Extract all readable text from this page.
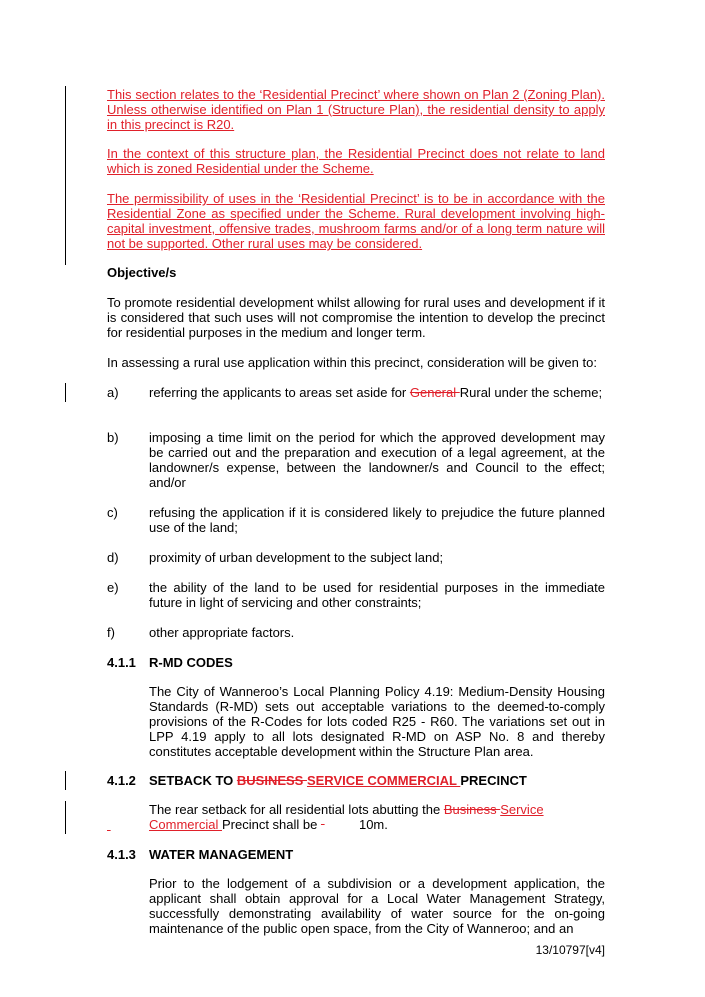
This section relates to the ‘Residential Precinct’ where shown on Plan 2 (Zoning Plan). Unless otherwise identified on Plan 1 (Structure Plan), the residential density to apply in this precinct is R20.

In the context of this structure plan, the Residential Precinct does not relate to land which is zoned Residential under the Scheme.

The permissibility of uses in the ‘Residential Precinct’ is to be in accordance with the Residential Zone as specified under the Scheme. Rural development involving high-capital investment, offensive trades, mushroom farms and/or of a long term nature will not be supported. Other rural uses may be considered.

Objective/s

To promote residential development whilst allowing for rural uses and development if it is considered that such uses will not compromise the intention to develop the precinct for residential purposes in the medium and longer term.

In assessing a rural use application within this precinct, consideration will be given to:

a) referring the applicants to areas set aside for General Rural under the scheme;

b) imposing a time limit on the period for which the approved development may be carried out and the preparation and execution of a legal agreement, at the landowner/s expense, between the landowner/s and Council to the effect; and/or

c) refusing the application if it is considered likely to prejudice the future planned use of the land;

d) proximity of urban development to the subject land;

e) the ability of the land to be used for residential purposes in the immediate future in light of servicing and other constraints;

f)	other appropriate factors.

4.1.1 R-MD CODES

The City of Wanneroo’s Local Planning Policy 4.19: Medium-Density Housing Standards (R-MD) sets out acceptable variations to the deemed-to-comply provisions of the R-Codes for lots coded R25 - R60. The variations set out in LPP 4.19 apply to all lots designated R-MD on ASP No. 8 and thereby constitutes acceptable development within the Structure Plan area.

4.1.2 SETBACK TO BUSINESS SERVICE COMMERCIAL PRECINCT

The rear setback for all residential lots abutting the Business Service

Commercial Precinct shall be	10m.

4.1.3 WATER MANAGEMENT

Prior to the lodgement of a subdivision or a development application, the applicant shall obtain approval for a Local Water Management Strategy, successfully demonstrating availability of water source for the on-going maintenance of the public open space, from the City of Wanneroo; and an

13/10797[v4]
